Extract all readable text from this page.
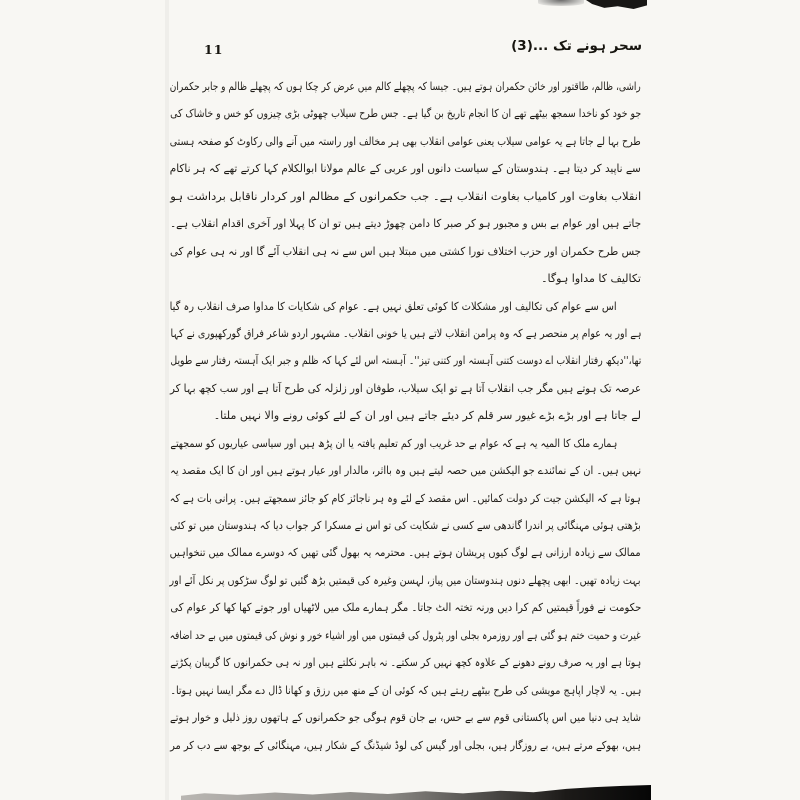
11	سحر ہونے تک ...(3)
راشی، ظالم، طاقتور اور خائن حکمران ہوتے ہیں۔ جیسا کہ پچھلے کالم میں عرض کر چکا ہوں کہ پچھلے ظالم و جابر حکمران
جو خود کو ناخدا سمجھ بیٹھے تھے ان کا انجام تاریخ بن گیا ہے۔ جس طرح سیلاب چھوٹی بڑی چیزوں کو خس و خاشاک کی
طرح بہا لے جاتا ہے یہ عوامی سیلاب یعنی عوامی انقلاب بھی ہر مخالف اور راستہ میں آنے والی رکاوٹ کو صفحہ ہستی
سے ناپید کر دیتا ہے۔ ہندوستان کے سیاست دانوں اور عربی کے عالم مولانا ابوالکلام کہا کرتے تھے کہ ہر ناکام
انقلاب بغاوت اور کامیاب بغاوت انقلاب ہے۔ جب حکمرانوں کے مظالم اور کردار ناقابل برداشت ہو
جاتے ہیں اور عوام بے بس و مجبور ہو کر صبر کا دامن چھوڑ دیتے ہیں تو ان کا پہلا اور آخری اقدام انقلاب ہے۔
جس طرح حکمران اور حزب اختلاف نورا کشتی میں مبتلا ہیں اس سے نہ ہی انقلاب آئے گا اور نہ ہی عوام کی
تکالیف کا مداوا ہوگا۔
اس سے عوام کی تکالیف اور مشکلات کا کوئی تعلق نہیں ہے۔ عوام کی شکایات کا مداوا صرف انقلاب رہ گیا
ہے اور یہ عوام پر منحصر ہے کہ وہ پرامن انقلاب لاتے ہیں یا خونی انقلاب۔ مشہور اردو شاعر فراق گورکھپوری نے کہا
تھا،''دیکھ رفتار انقلاب اے دوست کتنی آہستہ اور کتنی تیز''۔ آہستہ اس لئے کہا کہ ظلم و جبر ایک آہستہ رفتار سے طویل
عرصہ تک ہوتے ہیں مگر جب انقلاب آتا ہے تو ایک سیلاب، طوفان اور زلزلہ کی طرح آتا ہے اور سب کچھ بہا کر
لے جاتا ہے اور بڑے بڑے غیور سر قلم کر دیئے جاتے ہیں اور ان کے لئے کوئی رونے والا نہیں ملتا۔
ہمارے ملک کا المیہ یہ ہے کہ عوام بے حد غریب اور کم تعلیم یافتہ یا ان پڑھ ہیں اور سیاسی عیاریوں کو سمجھتے
نہیں ہیں۔ ان کے نمائندے جو الیکشن میں حصہ لیتے ہیں وہ بااثر، مالدار اور عیار ہوتے ہیں اور ان کا ایک مقصد یہ
ہوتا ہے کہ الیکشن جیت کر دولت کمائیں۔ اس مقصد کے لئے وہ ہر ناجائز کام کو جائز سمجھتے ہیں۔ پرانی بات ہے کہ
بڑھتی ہوئی مہنگائی پر اندرا گاندھی سے کسی نے شکایت کی تو اس نے مسکرا کر جواب دیا کہ ہندوستان میں تو کئی
ممالک سے زیادہ ارزانی ہے لوگ کیوں پریشان ہوتے ہیں۔ محترمہ یہ بھول گئی تھیں کہ دوسرے ممالک میں تنخواہیں
بہت زیادہ تھیں۔ ابھی پچھلے دنوں ہندوستان میں پیاز، لہسن وغیرہ کی قیمتیں بڑھ گئیں تو لوگ سڑکوں پر نکل آئے اور
حکومت نے فوراً قیمتیں کم کرا دیں ورنہ تختہ الٹ جاتا۔ مگر ہمارے ملک میں لاٹھیاں اور جوتے کھا کھا کر عوام کی
غیرت و حمیت ختم ہو گئی ہے اور روزمرہ بجلی اور پٹرول کی قیمتوں میں اور اشیاء خور و نوش کی قیمتوں میں بے حد اضافہ
ہوتا ہے اور یہ صرف رونے دھونے کے علاوہ کچھ نہیں کر سکتے۔ نہ باہر نکلتے ہیں اور نہ ہی حکمرانوں کا گریبان پکڑتے
ہیں۔ یہ لاچار اپاہج مویشی کی طرح بیٹھے رہتے ہیں کہ کوئی ان کے منھ میں رزق و کھانا ڈال دے مگر ایسا نہیں ہوتا۔
شاید ہی دنیا میں اس پاکستانی قوم سے بے حس، بے جان قوم ہوگی جو حکمرانوں کے ہاتھوں روز ذلیل و خوار ہوتے
ہیں، بھوکے مرتے ہیں، بے روزگار ہیں، بجلی اور گیس کی لوڈ شیڈنگ کے شکار ہیں، مہنگائی کے بوجھ سے دب کر مر
